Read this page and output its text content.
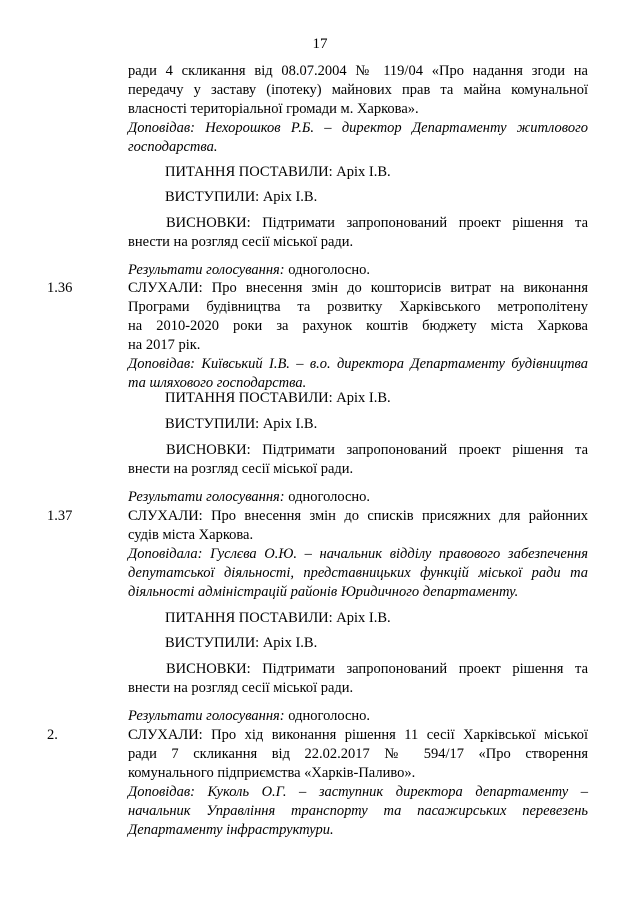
17
ради 4 скликання від 08.07.2004 № 119/04 «Про надання згоди на
передачу у заставу (іпотеку) майнових прав та майна комунальної
власності територіальної громади м. Харкова».
Доповідав: Нехорошков Р.Б. – директор Департаменту житлового
господарства.
ПИТАННЯ ПОСТАВИЛИ: Аріх І.В.
ВИСТУПИЛИ: Аріх І.В.
ВИСНОВКИ: Підтримати запропонований проект рішення та
внести на розгляд сесії міської ради.
Результати голосування: одноголосно.
1.36	СЛУХАЛИ: Про внесення змін до кошторисів витрат на виконання
Програми будівництва та розвитку Харківського метрополітену
на 2010-2020 роки за рахунок коштів бюджету міста Харкова
на 2017 рік.
Доповідав: Київський І.В. – в.о. директора Департаменту будівництва
та шляхового господарства.
ПИТАННЯ ПОСТАВИЛИ: Аріх І.В.
ВИСТУПИЛИ: Аріх І.В.
ВИСНОВКИ: Підтримати запропонований проект рішення та
внести на розгляд сесії міської ради.
Результати голосування: одноголосно.
1.37	СЛУХАЛИ: Про внесення змін до списків присяжних для районних
судів міста Харкова.
Доповідала: Гуслєва О.Ю. – начальник відділу правового забезпечення
депутатської діяльності, представницьких функцій міської ради та
діяльності адміністрацій районів Юридичного департаменту.
ПИТАННЯ ПОСТАВИЛИ: Аріх І.В.
ВИСТУПИЛИ: Аріх І.В.
ВИСНОВКИ: Підтримати запропонований проект рішення та
внести на розгляд сесії міської ради.
Результати голосування: одноголосно.
2.	СЛУХАЛИ: Про хід виконання рішення 11 сесії Харківської міської
ради 7 скликання від 22.02.2017 № 594/17 «Про створення
комунального підприємства «Харків-Паливо».
Доповідав: Куколь О.Г. – заступник директора департаменту –
начальник Управління транспорту та пасажирських перевезень
Департаменту інфраструктури.
